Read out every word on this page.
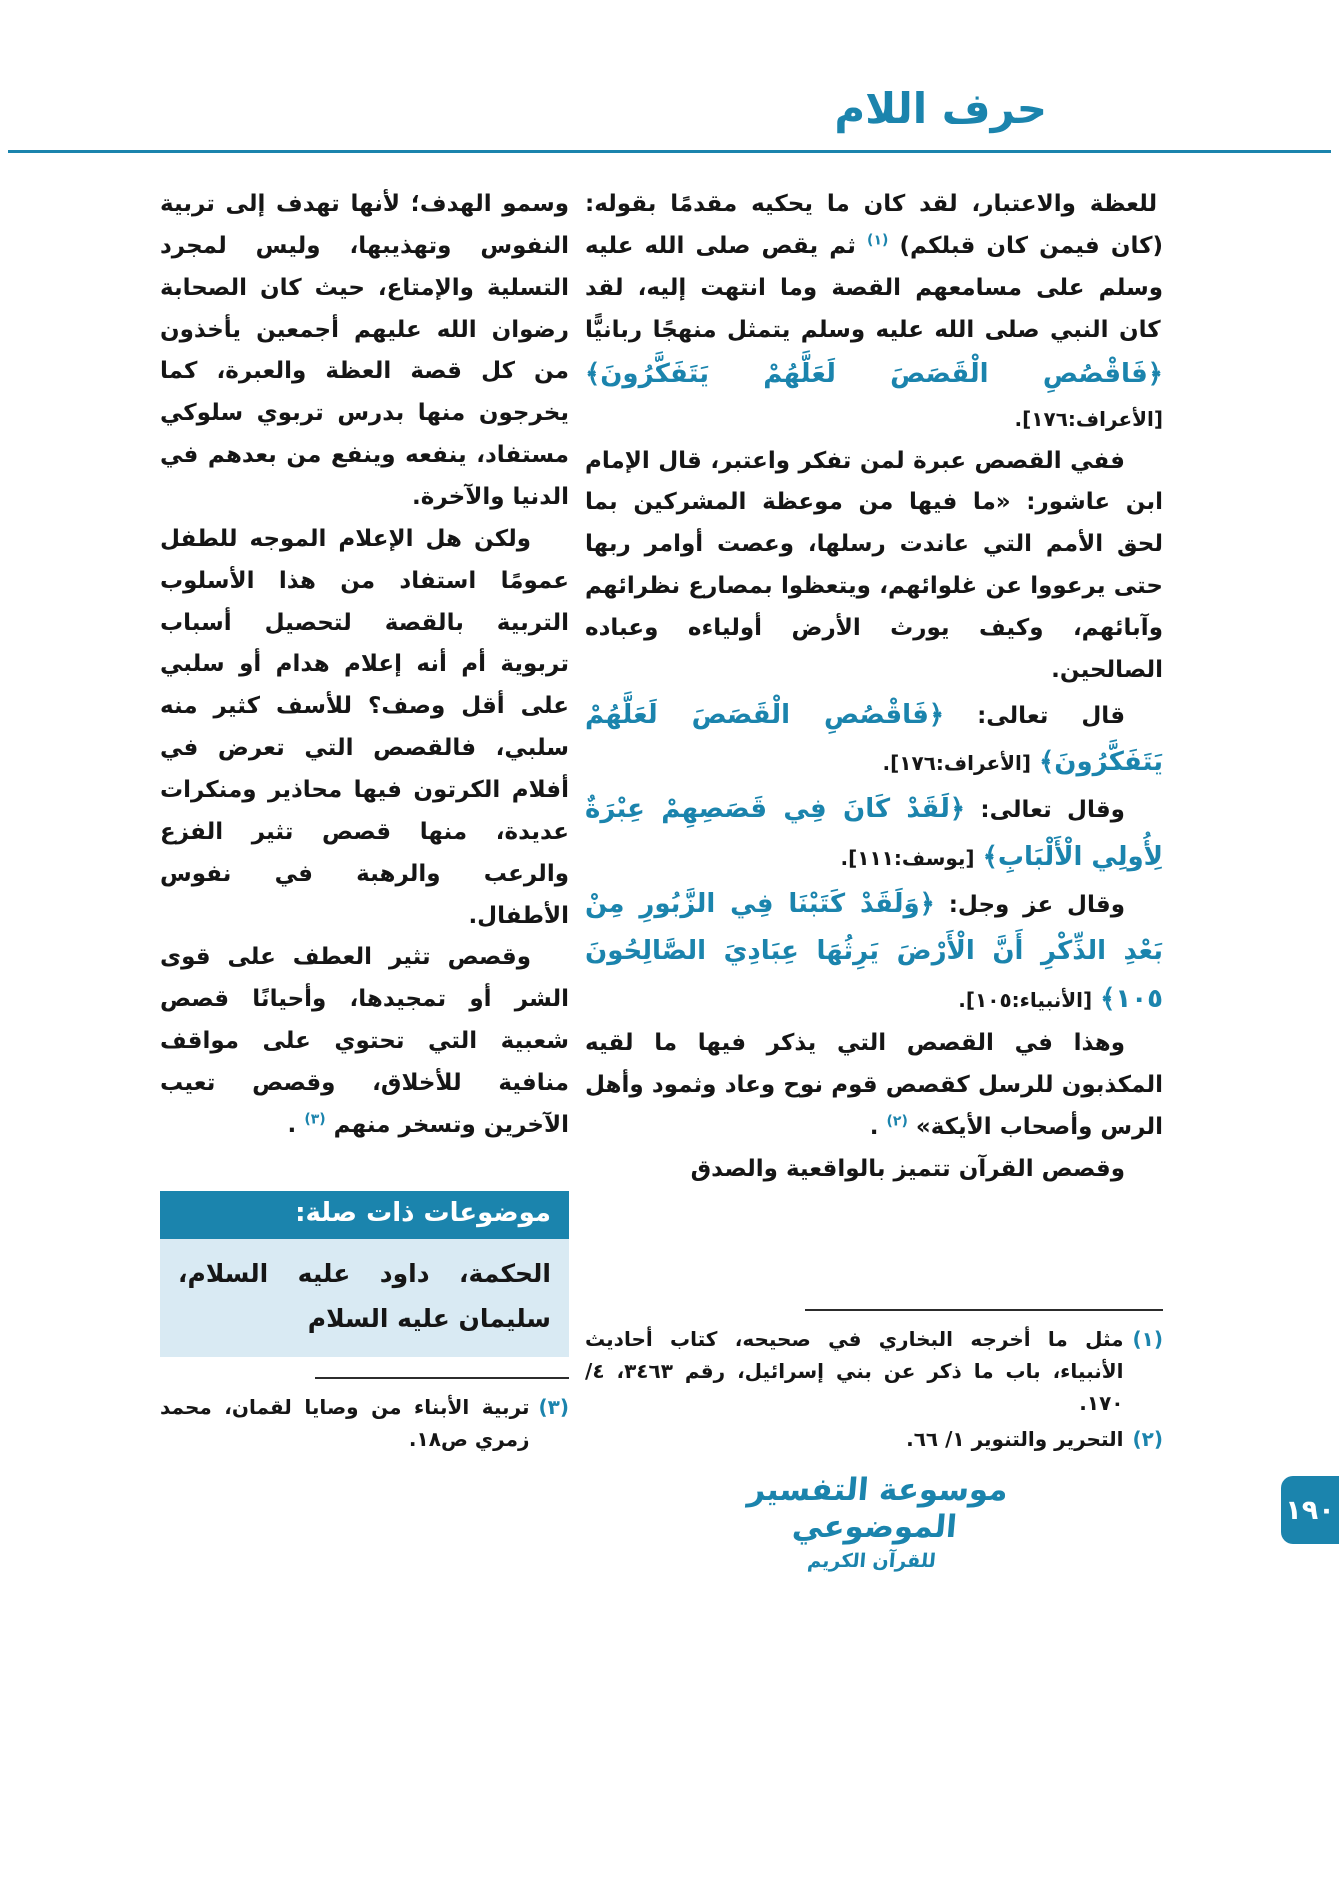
حرف اللام

للعظة والاعتبار، لقد كان ما يحكيه مقدمًا بقوله: (كان فيمن كان قبلكم) $^{(١)}$ ثم يقص صلى الله عليه وسلم على مسامعهم القصة وما انتهت إليه، لقد كان النبي صلى الله عليه وسلم يتمثل منهجًا ربانيًّا ﴿فَاقْصُصِ الْقَصَصَ لَعَلَّهُمْ يَتَفَكَّرُونَ﴾ [الأعراف:١٧٦].

ففي القصص عبرة لمن تفكر واعتبر، قال الإمام ابن عاشور: «ما فيها من موعظة المشركين بما لحق الأمم التي عاندت رسلها، وعصت أوامر ربها حتى يرعووا عن غلوائهم، ويتعظوا بمصارع نظرائهم وآبائهم، وكيف يورث الأرض أولياءه وعباده الصالحين.

قال تعالى: ﴿فَاقْصُصِ الْقَصَصَ لَعَلَّهُمْ يَتَفَكَّرُونَ﴾ [الأعراف:١٧٦].

وقال تعالى: ﴿لَقَدْ كَانَ فِي قَصَصِهِمْ عِبْرَةٌ لِأُولِي الْأَلْبَابِ﴾ [يوسف:١١١].

وقال عز وجل: ﴿وَلَقَدْ كَتَبْنَا فِي الزَّبُورِ مِنْ بَعْدِ الذِّكْرِ أَنَّ الْأَرْضَ يَرِثُهَا عِبَادِيَ الصَّالِحُونَ ١٠٥﴾ [الأنبياء:١٠٥].

وهذا في القصص التي يذكر فيها ما لقيه المكذبون للرسل كقصص قوم نوح وعاد وثمود وأهل الرس وأصحاب الأيكة» $^{(٢)}$ .

وقصص القرآن تتميز بالواقعية والصدق

(١)
مثل ما أخرجه البخاري في صحيحه، كتاب أحاديث الأنبياء، باب ما ذكر عن بني إسرائيل، رقم ٣٤٦٣، ٤/ ١٧٠.
(٢)
التحرير والتنوير ١/ ٦٦.

وسمو الهدف؛ لأنها تهدف إلى تربية النفوس وتهذيبها، وليس لمجرد التسلية والإمتاع، حيث كان الصحابة رضوان الله عليهم أجمعين يأخذون من كل قصة العظة والعبرة، كما يخرجون منها بدرس تربوي سلوكي مستفاد، ينفعه وينفع من بعدهم في الدنيا والآخرة.

ولكن هل الإعلام الموجه للطفل عمومًا استفاد من هذا الأسلوب التربية بالقصة لتحصيل أسباب تربوية أم أنه إعلام هدام أو سلبي على أقل وصف؟ للأسف كثير منه سلبي، فالقصص التي تعرض في أفلام الكرتون فيها محاذير ومنكرات عديدة، منها قصص تثير الفزع والرعب والرهبة في نفوس الأطفال.

وقصص تثير العطف على قوى الشر أو تمجيدها، وأحيانًا قصص شعبية التي تحتوي على مواقف منافية للأخلاق، وقصص تعيب الآخرين وتسخر منهم $^{(٣)}$ .

موضوعات ذات صلة:
الحكمة، داود عليه السلام، سليمان عليه السلام
(٣)
تربية الأبناء من وصايا لقمان، محمد زمري ص١٨.
موسوعة التفسير الموضوعي
للقرآن الكريم
١٩٠
